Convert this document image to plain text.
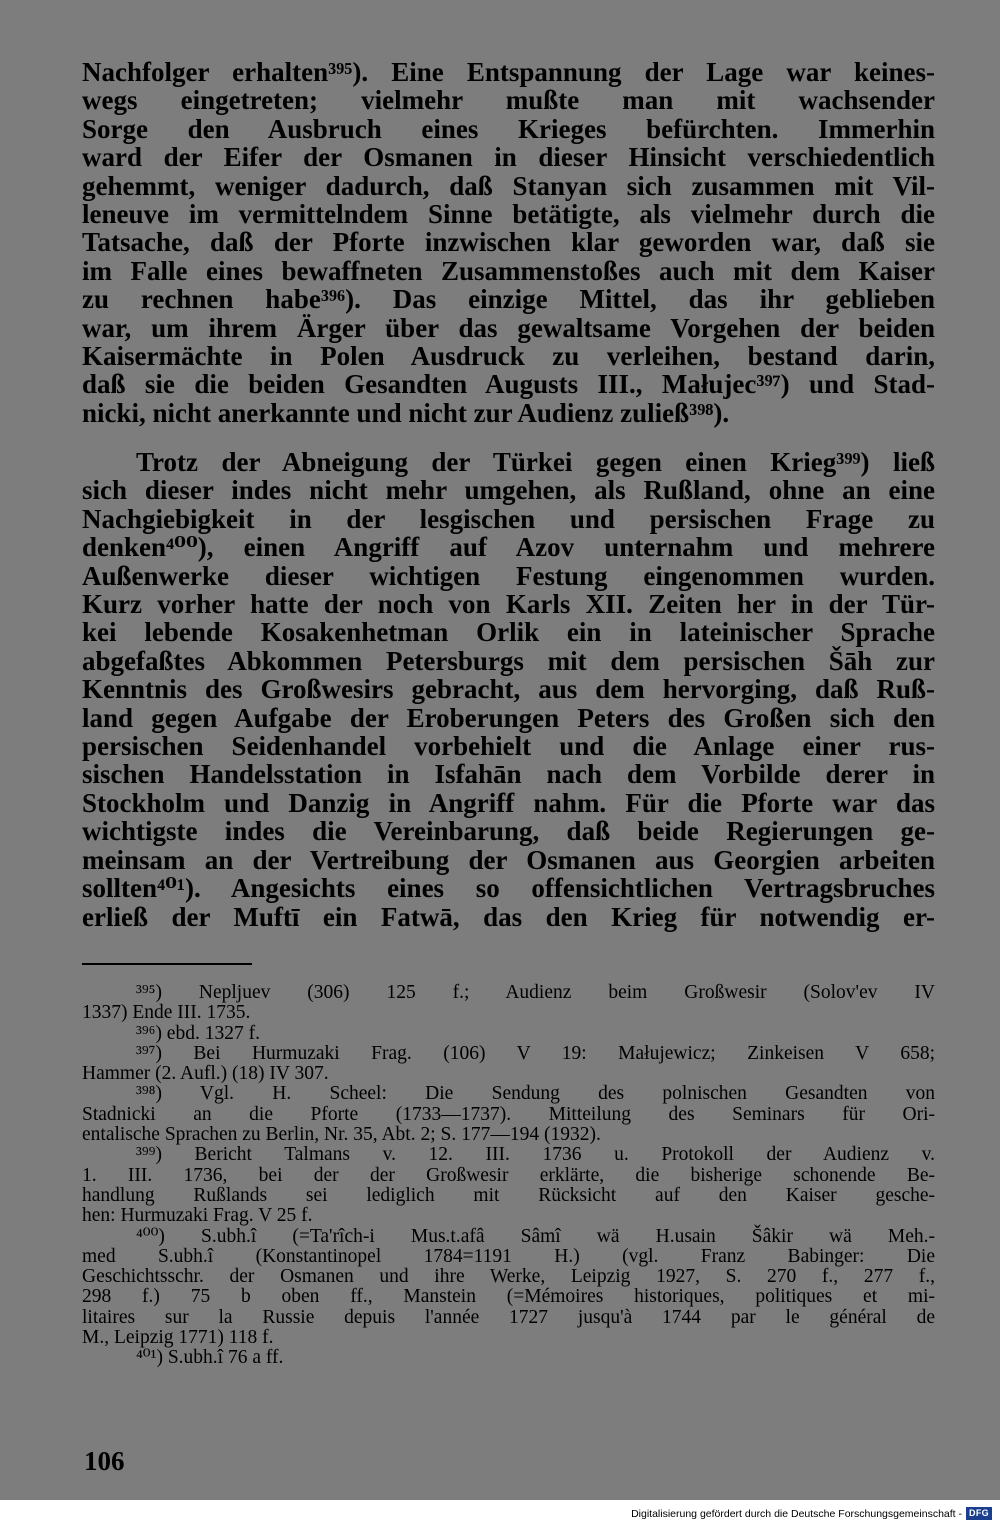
Nachfolger erhalten³⁹⁵). Eine Entspannung der Lage war keines-
wegs eingetreten; vielmehr mußte man mit wachsender
Sorge den Ausbruch eines Krieges befürchten. Immerhin
ward der Eifer der Osmanen in dieser Hinsicht verschiedentlich
gehemmt, weniger dadurch, daß Stanyan sich zusammen mit Vil-
leneuve im vermittelndem Sinne betätigte, als vielmehr durch die
Tatsache, daß der Pforte inzwischen klar geworden war, daß sie
im Falle eines bewaffneten Zusammenstoßes auch mit dem Kaiser
zu rechnen habe³⁹⁶). Das einzige Mittel, das ihr geblieben
war, um ihrem Ärger über das gewaltsame Vorgehen der beiden
Kaisermächte in Polen Ausdruck zu verleihen, bestand darin,
daß sie die beiden Gesandten Augusts III., Małujec³⁹⁷) und Stad-
nicki, nicht anerkannte und nicht zur Audienz zuließ³⁹⁸).
Trotz der Abneigung der Türkei gegen einen Krieg³⁹⁹) ließ
sich dieser indes nicht mehr umgehen, als Rußland, ohne an eine
Nachgiebigkeit in der lesgischen und persischen Frage zu
denken⁴⁰⁰), einen Angriff auf Azov unternahm und mehrere
Außenwerke dieser wichtigen Festung eingenommen wurden.
Kurz vorher hatte der noch von Karls XII. Zeiten her in der Tür-
kei lebende Kosakenhetman Orlik ein in lateinischer Sprache
abgefaßtes Abkommen Petersburgs mit dem persischen Šāh zur
Kenntnis des Großwesirs gebracht, aus dem hervorging, daß Ruß-
land gegen Aufgabe der Eroberungen Peters des Großen sich den
persischen Seidenhandel vorbehielt und die Anlage einer rus-
sischen Handelsstation in Isfahān nach dem Vorbilde derer in
Stockholm und Danzig in Angriff nahm. Für die Pforte war das
wichtigste indes die Vereinbarung, daß beide Regierungen ge-
meinsam an der Vertreibung der Osmanen aus Georgien arbeiten
sollten⁴⁰¹). Angesichts eines so offensichtlichen Vertragsbruches
erließ der Muftī ein Fatwā, das den Krieg für notwendig er-
³⁹⁵) Nepljuev (306) 125 f.; Audienz beim Großwesir (Solov'ev IV
1337) Ende III. 1735.
³⁹⁶) ebd. 1327 f.
³⁹⁷) Bei Hurmuzaki Frag. (106) V 19: Małujewicz; Zinkeisen V 658;
Hammer (2. Aufl.) (18) IV 307.
³⁹⁸) Vgl. H. Scheel: Die Sendung des polnischen Gesandten von
Stadnicki an die Pforte (1733—1737). Mitteilung des Seminars für Ori-
entalische Sprachen zu Berlin, Nr. 35, Abt. 2; S. 177—194 (1932).
³⁹⁹) Bericht Talmans v. 12. III. 1736 u. Protokoll der Audienz v.
1. III. 1736, bei der der Großwesir erklärte, die bisherige schonende Be-
handlung Rußlands sei lediglich mit Rücksicht auf den Kaiser gesche-
hen: Hurmuzaki Frag. V 25 f.
⁴⁰⁰) S.ubh.î (=Ta'rîch-i Mus.t.afâ Sâmî wä H.usain Šâkir wä Meh.-
med S.ubh.î (Konstantinopel 1784=1191 H.) (vgl. Franz Babinger: Die
Geschichtsschr. der Osmanen und ihre Werke, Leipzig 1927, S. 270 f., 277 f.,
298 f.) 75 b oben ff., Manstein (=Mémoires historiques, politiques et mi-
litaires sur la Russie depuis l'année 1727 jusqu'à 1744 par le général de
M., Leipzig 1771) 118 f.
⁴⁰¹) S.ubh.î 76 a ff.
106
Digitalisierung gefördert durch die Deutsche Forschungsgemeinschaft - DFG
